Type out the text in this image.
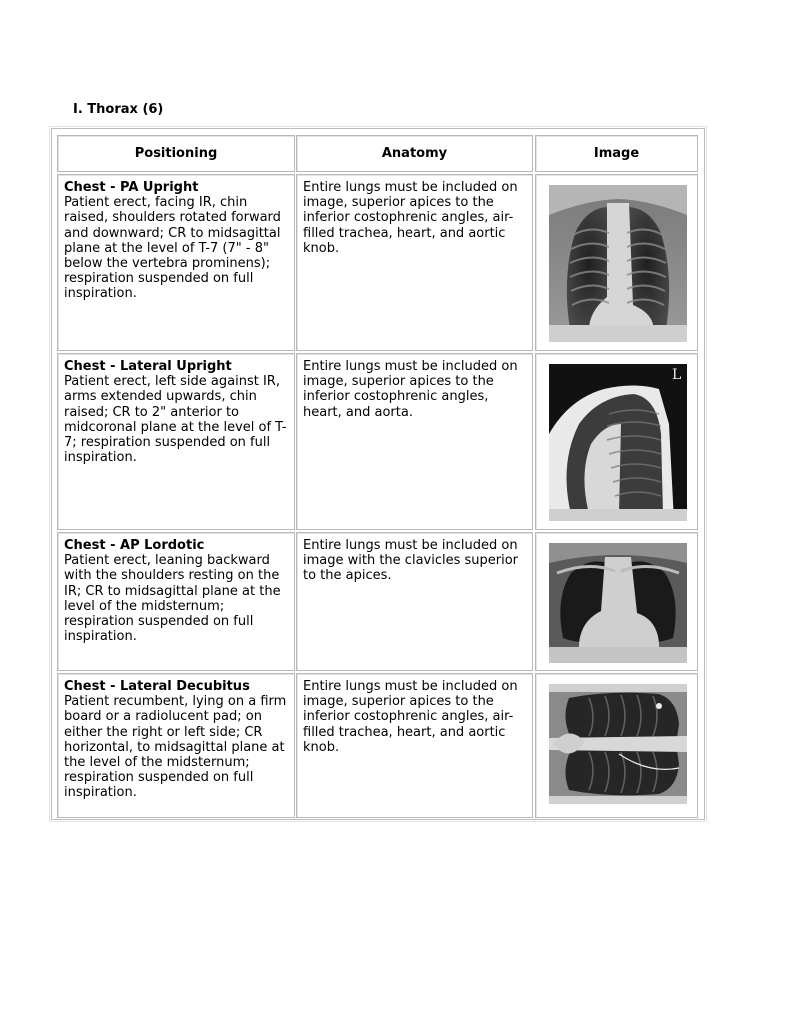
I. Thorax (6)
Positioning	Anatomy	Image
Chest - PA Upright
Patient erect, facing IR, chin raised, shoulders rotated forward and downward; CR to midsagittal plane at the level of T-7 (7" - 8" below the vertebra prominens); respiration suspended on full inspiration.
Entire lungs must be included on image, superior apices to the inferior costophrenic angles, air-filled trachea, heart, and aortic knob.
Chest - Lateral Upright
Patient erect, left side against IR, arms extended upwards, chin raised; CR to 2" anterior to midcoronal plane at the level of T-7; respiration suspended on full inspiration.
Entire lungs must be included on image, superior apices to the inferior costophrenic angles, heart, and aorta.
L
Chest - AP Lordotic
Patient erect, leaning backward with the shoulders resting on the IR; CR to midsagittal plane at the level of the midsternum; respiration suspended on full inspiration.
Entire lungs must be included on image with the clavicles superior to the apices.
Chest - Lateral Decubitus
Patient recumbent, lying on a firm board or a radiolucent pad; on either the right or left side; CR horizontal, to midsagittal plane at the level of the midsternum; respiration suspended on full inspiration.
Entire lungs must be included on image, superior apices to the inferior costophrenic angles, air-filled trachea, heart, and aortic knob.
